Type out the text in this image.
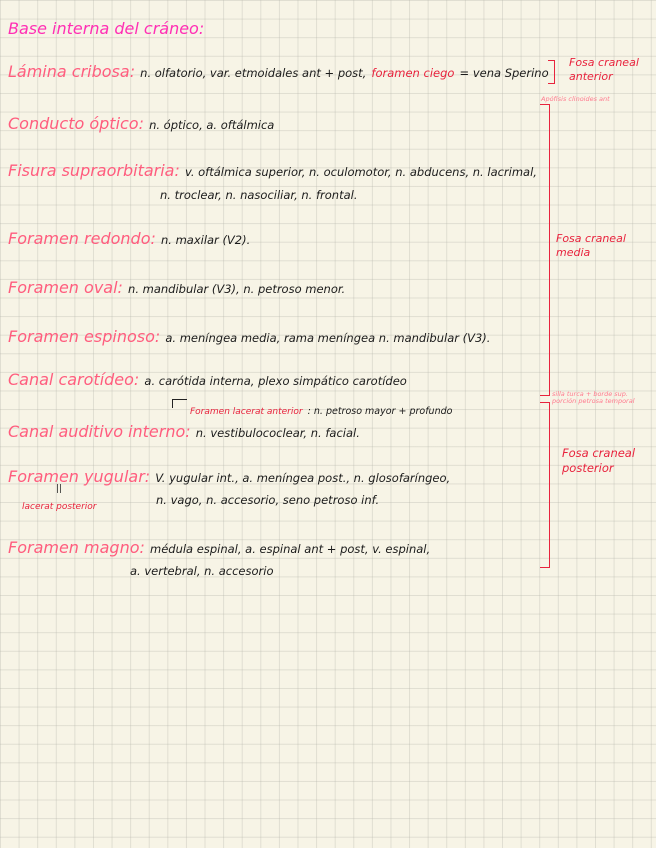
Base interna del cráneo:
Lámina cribosa: n. olfatorio, var. etmoidales ant + post, foramen ciego = vena Sperino
Conducto óptico: n. óptico, a. oftálmica
Fisura supraorbitaria: v. oftálmica superior, n. oculomotor, n. abducens, n. lacrimal,
n. troclear, n. nasociliar, n. frontal.
Foramen redondo: n. maxilar (V2).
Foramen oval: n. mandibular (V3), n. petroso menor.
Foramen espinoso: a. meníngea media, rama meníngea n. mandibular (V3).
Canal carotídeo: a. carótida interna, plexo simpático carotídeo
Foramen lacerat anterior : n. petroso mayor + profundo
Canal auditivo interno: n. vestibulococlear, n. facial.
Foramen yugular: V. yugular int., a. meníngea post., n. glosofaríngeo,
||
lacerat posterior	n. vago, n. accesorio, seno petroso inf.
Foramen magno: médula espinal, a. espinal ant + post, v. espinal,
a. vertebral, n. accesorio
Fosa craneal anterior
Fosa craneal media
Fosa craneal posterior
Apófisis clinoides ant
silla turca + borde sup. porción petrosa temporal
